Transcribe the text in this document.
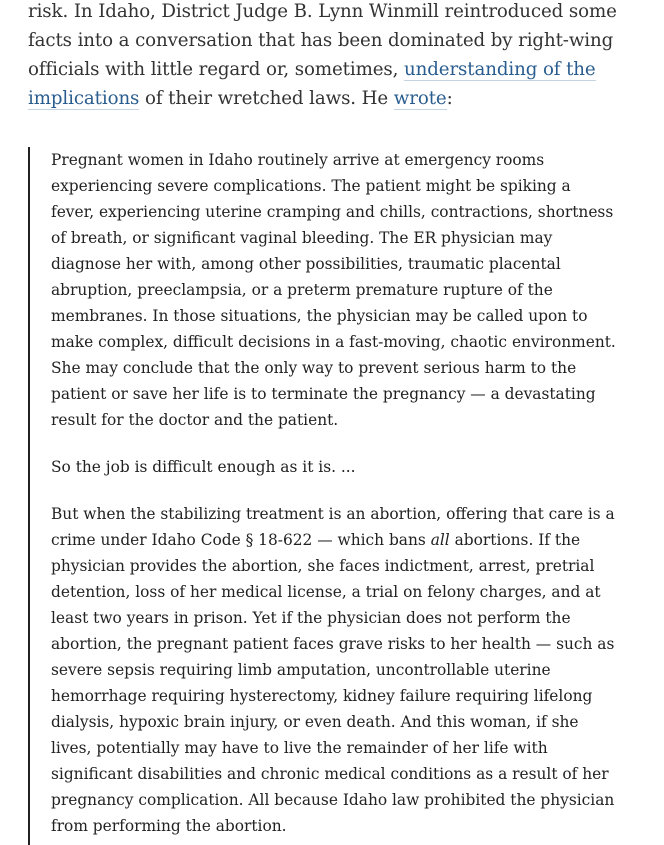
risk. In Idaho, District Judge B. Lynn Winmill reintroduced some facts into a conversation that has been dominated by right-wing officials with little regard or, sometimes, understanding of the implications of their wretched laws. He wrote:

Pregnant women in Idaho routinely arrive at emergency rooms experiencing severe complications. The patient might be spiking a fever, experiencing uterine cramping and chills, contractions, shortness of breath, or significant vaginal bleeding. The ER physician may diagnose her with, among other possibilities, traumatic placental abruption, preeclampsia, or a preterm premature rupture of the membranes. In those situations, the physician may be called upon to make complex, difficult decisions in a fast-moving, chaotic environment. She may conclude that the only way to prevent serious harm to the patient or save her life is to terminate the pregnancy — a devastating result for the doctor and the patient.

So the job is difficult enough as it is. ...

But when the stabilizing treatment is an abortion, offering that care is a crime under Idaho Code § 18-622 — which bans all abortions. If the physician provides the abortion, she faces indictment, arrest, pretrial detention, loss of her medical license, a trial on felony charges, and at least two years in prison. Yet if the physician does not perform the abortion, the pregnant patient faces grave risks to her health — such as severe sepsis requiring limb amputation, uncontrollable uterine hemorrhage requiring hysterectomy, kidney failure requiring lifelong dialysis, hypoxic brain injury, or even death. And this woman, if she lives, potentially may have to live the remainder of her life with significant disabilities and chronic medical conditions as a result of her pregnancy complication. All because Idaho law prohibited the physician from performing the abortion.
